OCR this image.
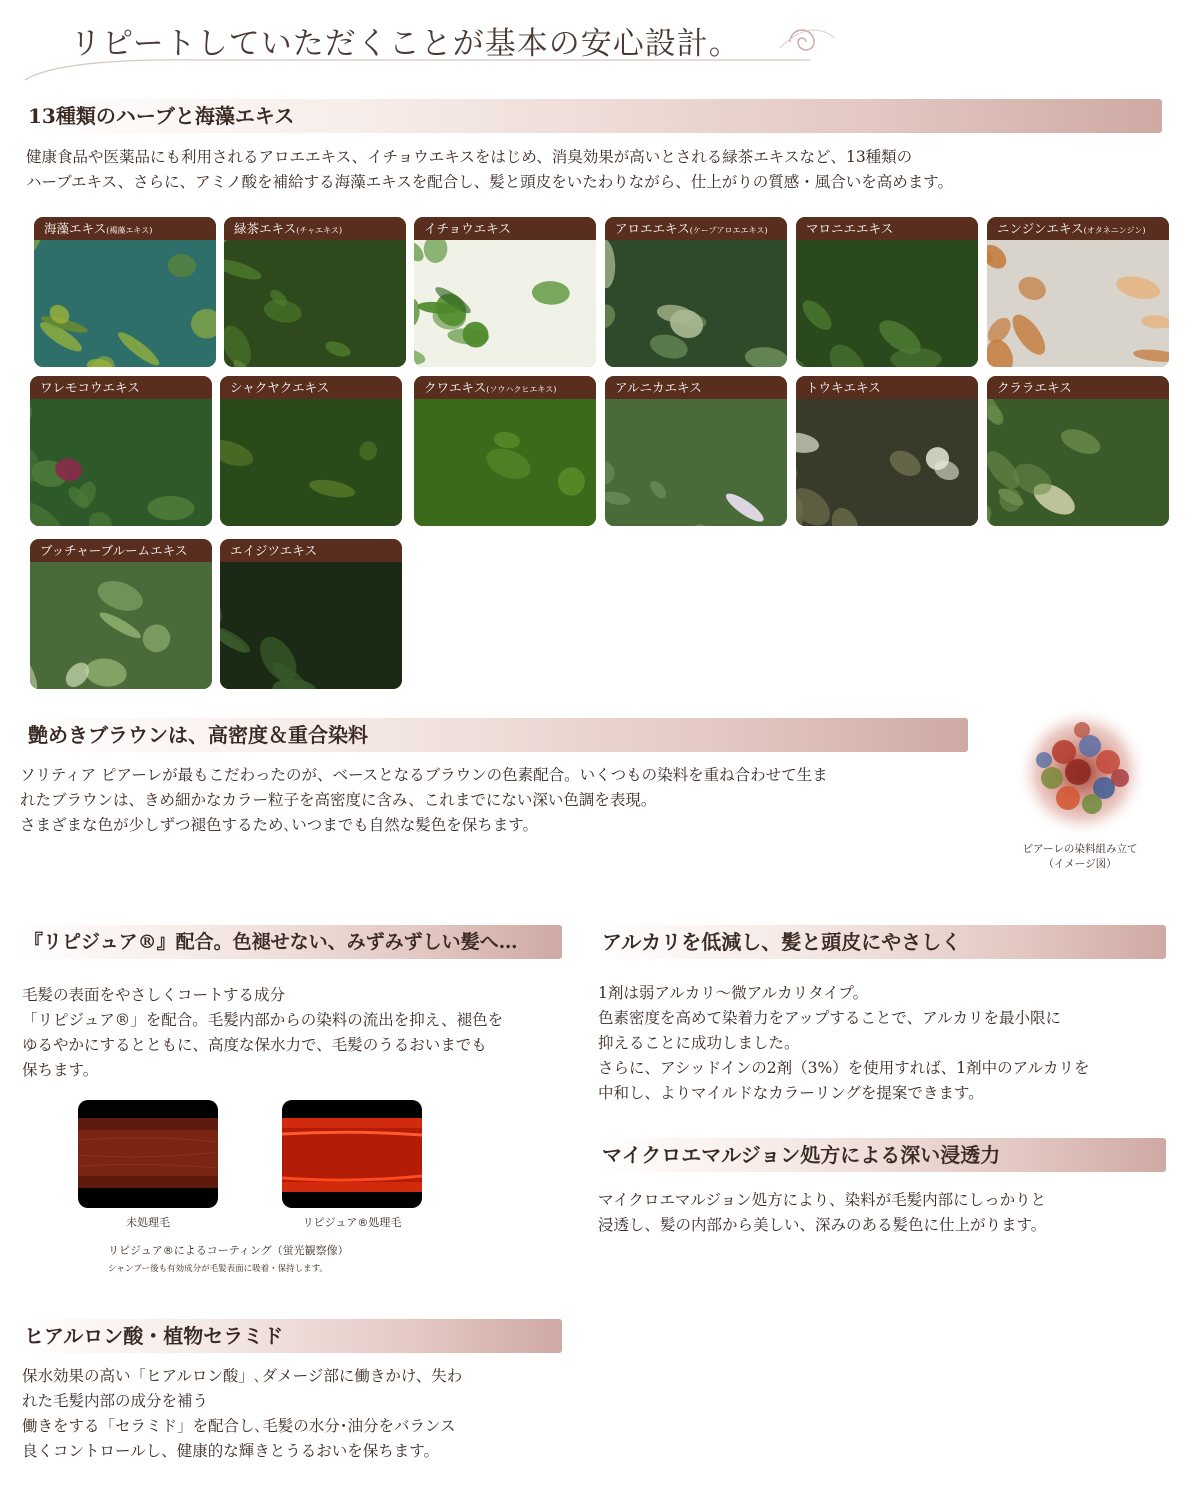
リピートしていただくことが基本の安心設計。
13種類のハーブと海藻エキス
健康食品や医薬品にも利用されるアロエエキス、イチョウエキスをはじめ、消臭効果が高いとされる緑茶エキスなど、13種類の
ハーブエキス、さらに、アミノ酸を補給する海藻エキスを配合し、髪と頭皮をいたわりながら、仕上がりの質感・風合いを高めます。
海藻エキス(褐藻エキス)	緑茶エキス(チャエキス)	イチョウエキス	アロエエキス(ケープアロエエキス)	マロニエエキス	ニンジンエキス(オタネニンジン)
ワレモコウエキス	シャクヤクエキス	クワエキス(ソウハクヒエキス)	アルニカエキス	トウキエキス	クララエキス
ブッチャーブルームエキス	エイジツエキス
艶めきブラウンは、高密度＆重合染料
ソリティア ピアーレが最もこだわったのが、ベースとなるブラウンの色素配合。いくつもの染料を重ね合わせて生ま
れたブラウンは、きめ細かなカラー粒子を高密度に含み、これまでにない深い色調を表現。
さまざまな色が少しずつ褪色するため､いつまでも自然な髪色を保ちます。
ピアーレの染料組み立て
（イメージ図）
『リピジュア®』配合。色褪せない、みずみずしい髪へ…
毛髪の表面をやさしくコートする成分
「リピジュア®」を配合。毛髪内部からの染料の流出を抑え、褪色を
ゆるやかにするとともに、高度な保水力で、毛髪のうるおいまでも
保ちます。
未処理毛	リピジュア®処理毛
リピジュア®によるコーティング（蛍光観察像）
シャンプー後も有効成分が毛髪表面に吸着・保持します。
アルカリを低減し、髪と頭皮にやさしく
1剤は弱アルカリ～微アルカリタイプ。
色素密度を高めて染着力をアップすることで、アルカリを最小限に
抑えることに成功しました。
さらに、アシッドインの2剤（3%）を使用すれば、1剤中のアルカリを
中和し、よりマイルドなカラーリングを提案できます。
マイクロエマルジョン処方による深い浸透力
マイクロエマルジョン処方により、染料が毛髪内部にしっかりと
浸透し、髪の内部から美しい、深みのある髪色に仕上がります。
ヒアルロン酸・植物セラミド
保水効果の高い「ヒアルロン酸」､ダメージ部に働きかけ、失わ
れた毛髪内部の成分を補う
働きをする「セラミド」を配合し､毛髪の水分･油分をバランス
良くコントロールし、健康的な輝きとうるおいを保ちます。
